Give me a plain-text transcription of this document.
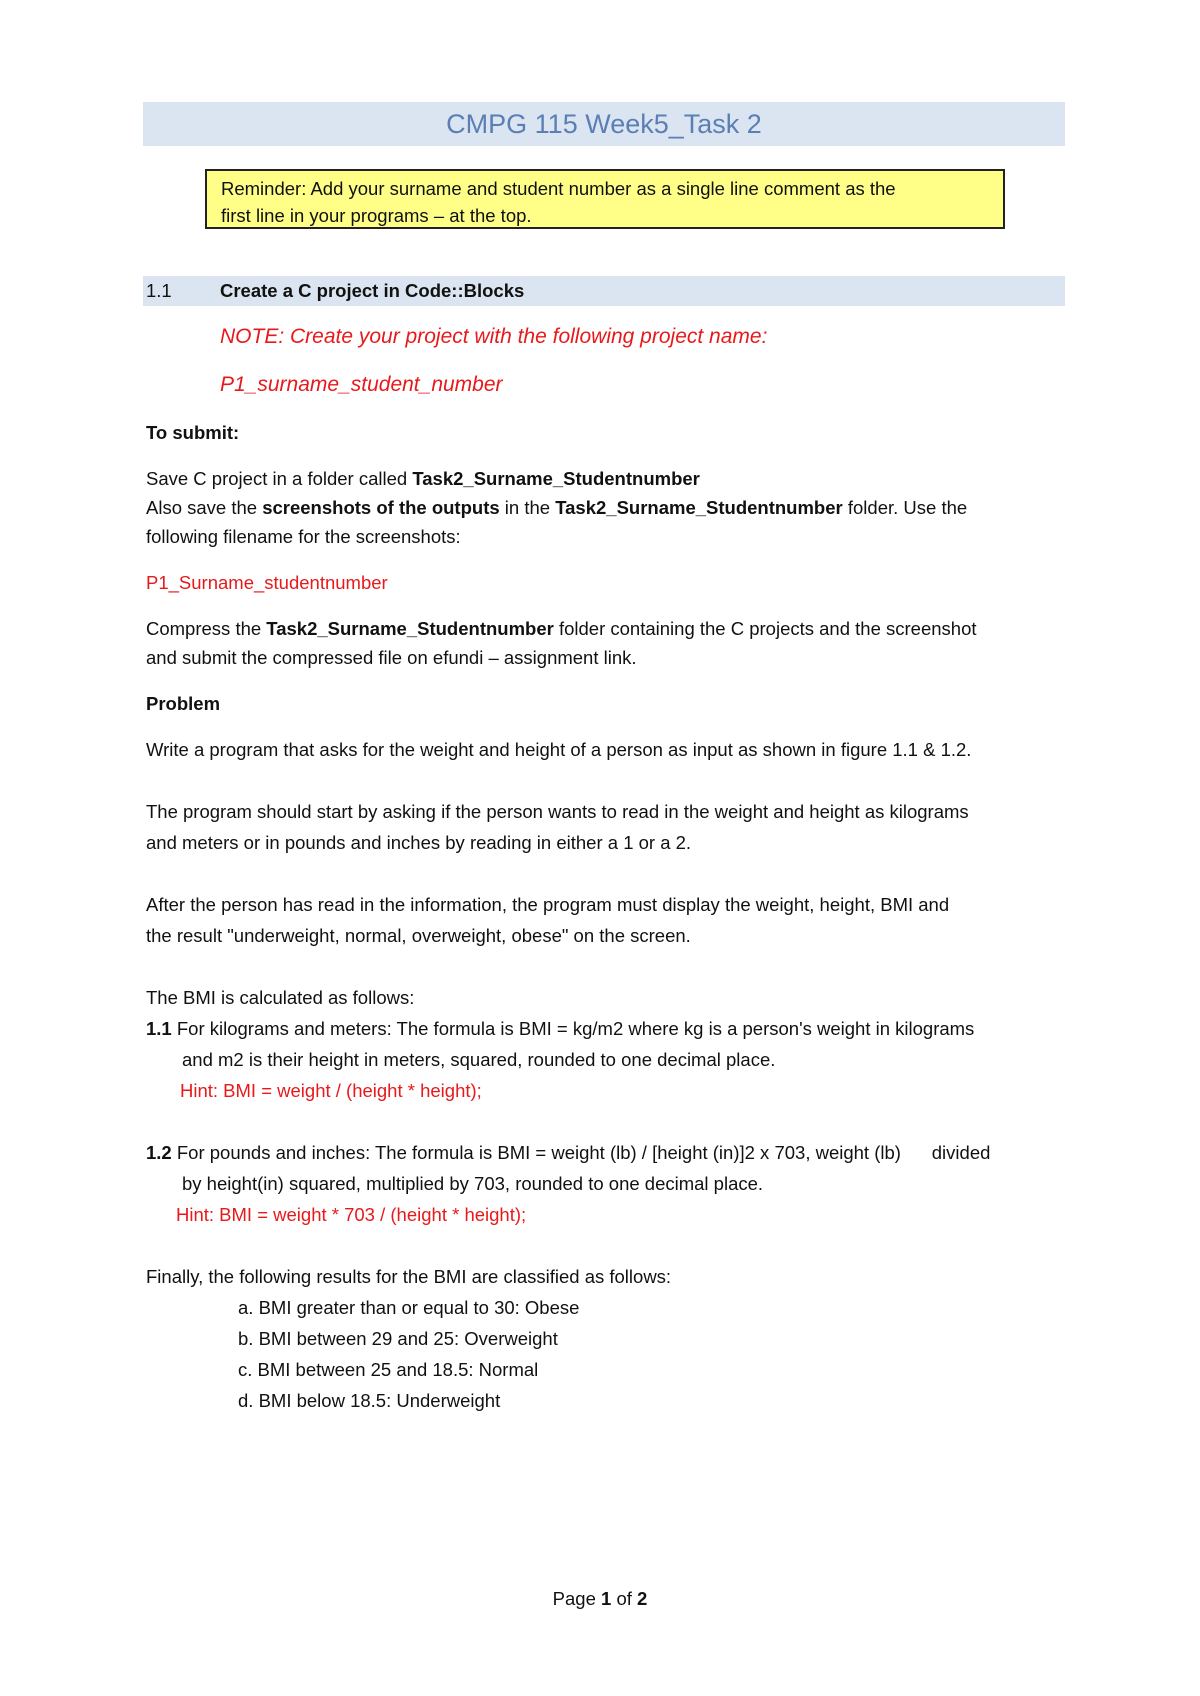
CMPG 115 Week5_Task 2
Reminder: Add your surname and student number as a single line comment as the
first line in your programs – at the top.
1.1	Create a C project in Code::Blocks
NOTE: Create your project with the following project name:
P1_surname_student_number
To submit:
Save C project in a folder called Task2_Surname_Studentnumber
Also save the screenshots of the outputs in the Task2_Surname_Studentnumber folder. Use the
following filename for the screenshots:
P1_Surname_studentnumber
Compress the Task2_Surname_Studentnumber folder containing the C projects and the screenshot
and submit the compressed file on efundi – assignment link.
Problem
Write a program that asks for the weight and height of a person as input as shown in figure 1.1 & 1.2.
The program should start by asking if the person wants to read in the weight and height as kilograms
and meters or in pounds and inches by reading in either a 1 or a 2.
After the person has read in the information, the program must display the weight, height, BMI and
the result "underweight, normal, overweight, obese" on the screen.
The BMI is calculated as follows:
1.1 For kilograms and meters: The formula is BMI = kg/m2 where kg is a person's weight in kilograms
and m2 is their height in meters, squared, rounded to one decimal place.
Hint: BMI = weight / (height * height);
1.2 For pounds and inches: The formula is BMI = weight (lb) / [height (in)]2 x 703, weight (lb)      divided
by height(in) squared, multiplied by 703, rounded to one decimal place.
Hint: BMI = weight * 703 / (height * height);
Finally, the following results for the BMI are classified as follows:
a. BMI greater than or equal to 30: Obese
b. BMI between 29 and 25: Overweight
c. BMI between 25 and 18.5: Normal
d. BMI below 18.5: Underweight
Page 1 of 2
